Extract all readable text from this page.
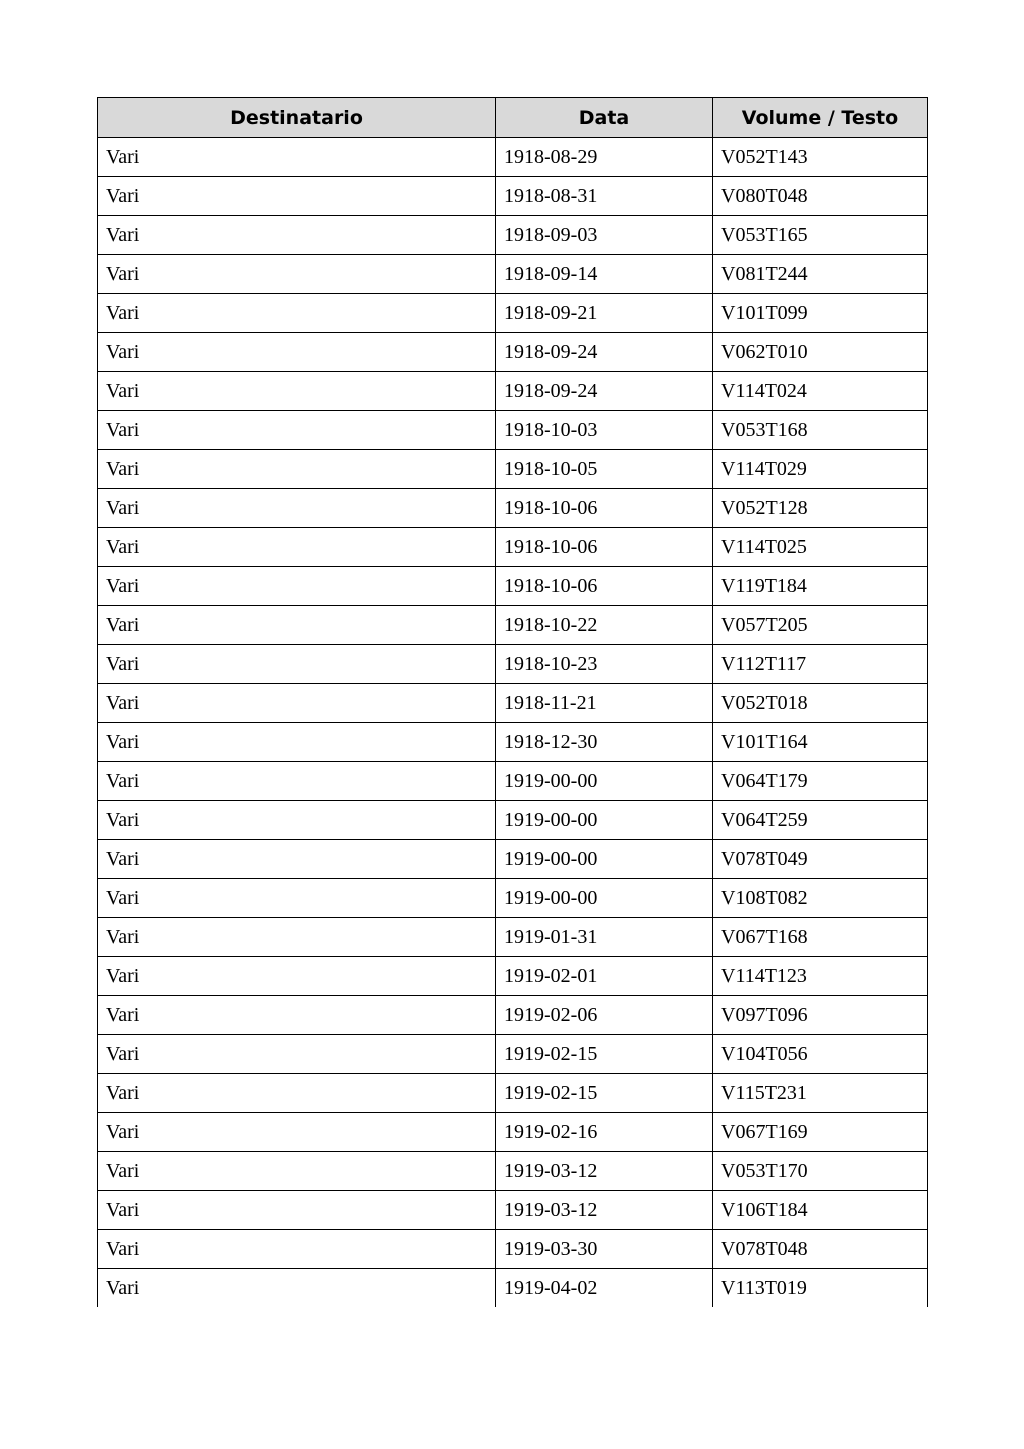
Destinatario	Data	Volume / Testo
Vari	1918-08-29	V052T143
Vari	1918-08-31	V080T048
Vari	1918-09-03	V053T165
Vari	1918-09-14	V081T244
Vari	1918-09-21	V101T099
Vari	1918-09-24	V062T010
Vari	1918-09-24	V114T024
Vari	1918-10-03	V053T168
Vari	1918-10-05	V114T029
Vari	1918-10-06	V052T128
Vari	1918-10-06	V114T025
Vari	1918-10-06	V119T184
Vari	1918-10-22	V057T205
Vari	1918-10-23	V112T117
Vari	1918-11-21	V052T018
Vari	1918-12-30	V101T164
Vari	1919-00-00	V064T179
Vari	1919-00-00	V064T259
Vari	1919-00-00	V078T049
Vari	1919-00-00	V108T082
Vari	1919-01-31	V067T168
Vari	1919-02-01	V114T123
Vari	1919-02-06	V097T096
Vari	1919-02-15	V104T056
Vari	1919-02-15	V115T231
Vari	1919-02-16	V067T169
Vari	1919-03-12	V053T170
Vari	1919-03-12	V106T184
Vari	1919-03-30	V078T048
Vari	1919-04-02	V113T019
